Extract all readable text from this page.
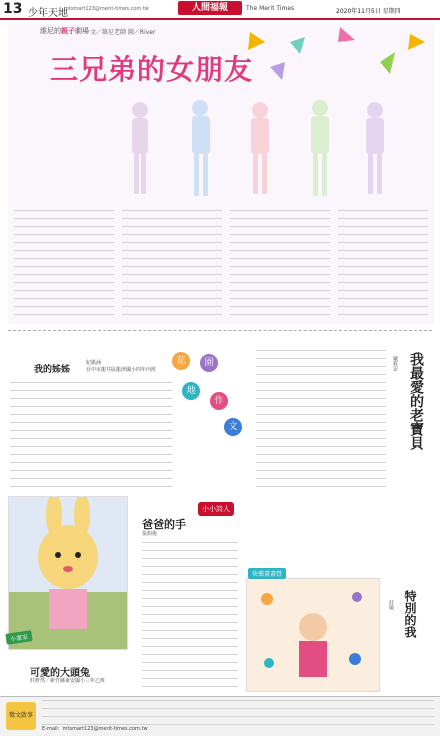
13 少年天地
mtsmart123@merit-times.com.tw	人間福報	The Merit Times	2020年11月5日 星期四
維尼的親子劇場 文／維尼老師 圖／River
三兄弟的女朋友
我的姊姊
紀凱涵
台中市龍井區龍津國小四年丙班
花	園
地
作
文	我最愛的老寶貝
戴筱安
小小詩人
爸爸的手
張鈞俊
小畫家
可愛的大頭兔
莊軒然／新竹縣東安國小三年乙班
快樂畫畫營
特別的我
莊敏
徵文啟事
E-mail：mtsmart123@merit-times.com.tw
